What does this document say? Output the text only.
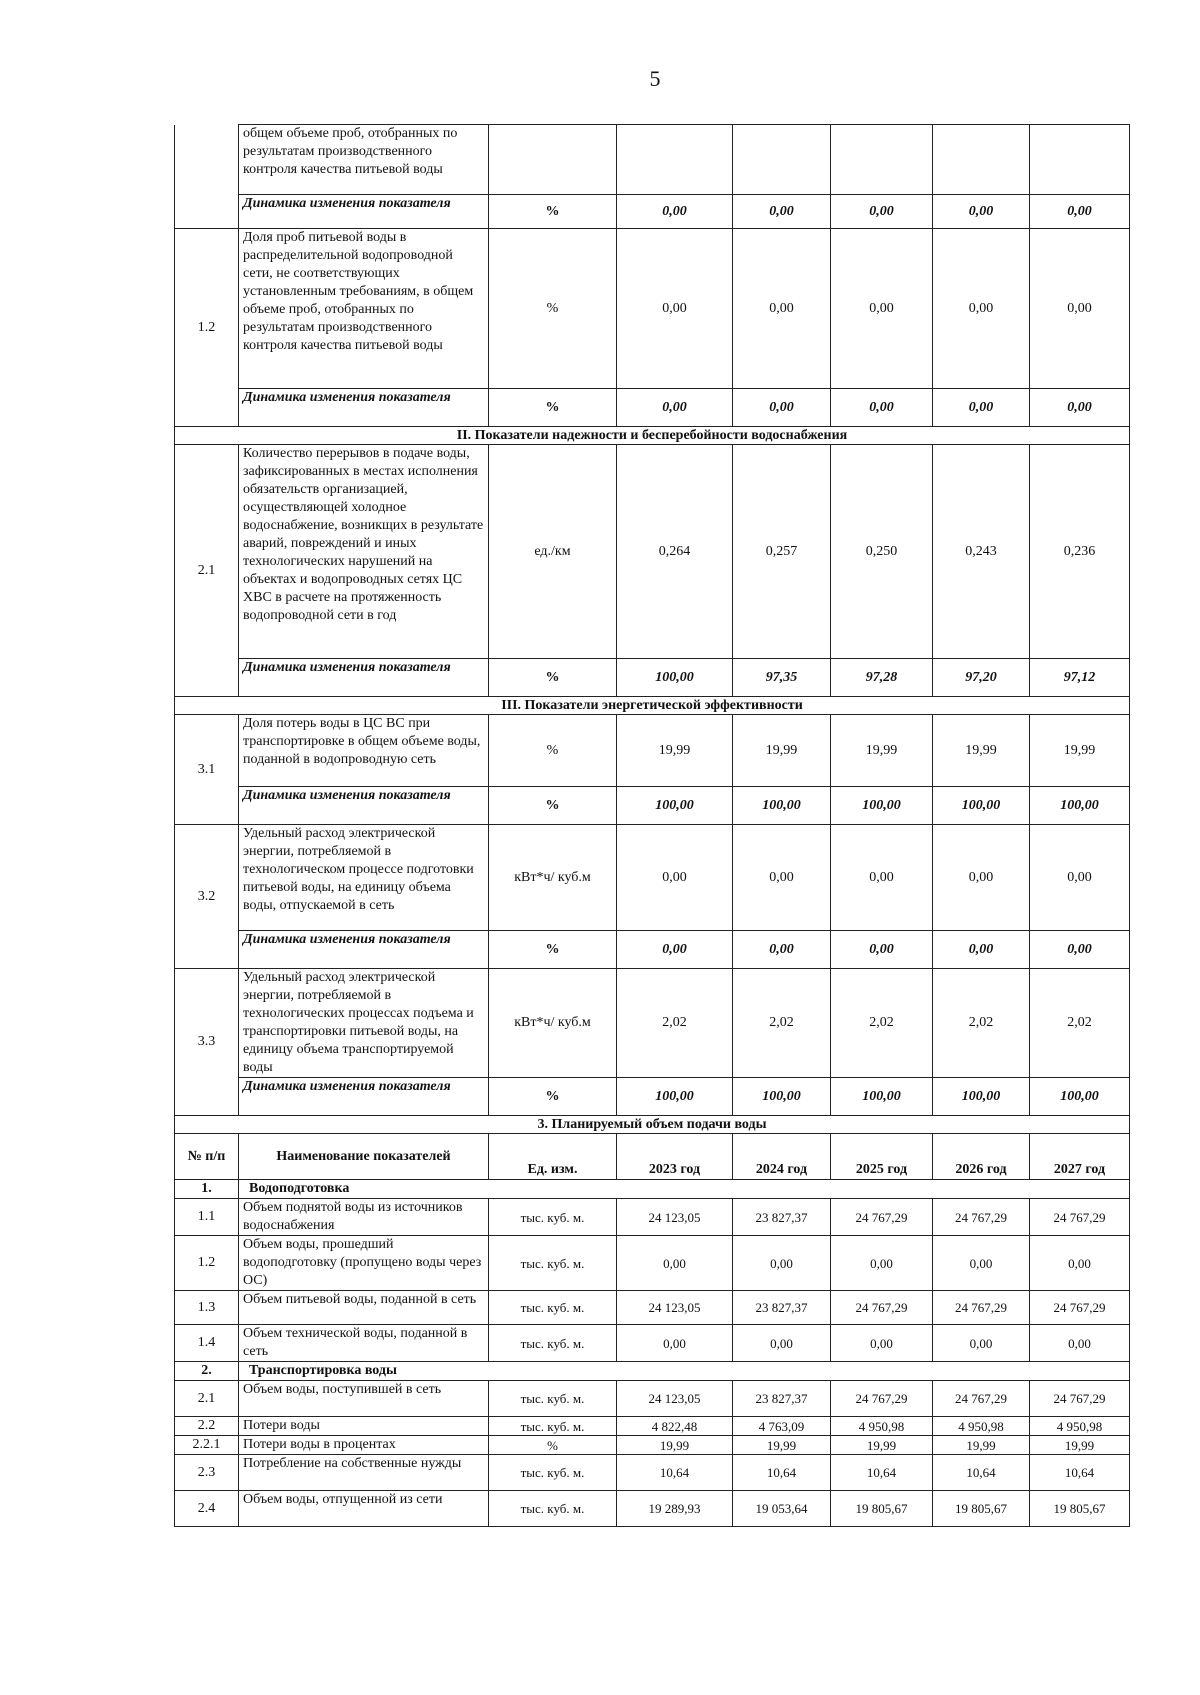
5
	общем объеме проб, отобранных по результатам производственного контроля качества питьевой воды						
	Динамика изменения показателя	%	0,00	0,00	0,00	0,00	0,00
1.2	Доля проб питьевой воды в распределительной водопроводной сети, не соответствующих установленным требованиям, в общем объеме проб, отобранных по результатам производственного контроля качества питьевой воды	%	0,00	0,00	0,00	0,00	0,00
	Динамика изменения показателя	%	0,00	0,00	0,00	0,00	0,00
II. Показатели надежности и бесперебойности водоснабжения							
2.1	Количество перерывов в подаче воды, зафиксированных в местах исполнения обязательств организацией, осуществляющей холодное водоснабжение, возникщих в результате аварий, повреждений и иных технологических нарушений на объектах и водопроводных сетях ЦС ХВС в расчете на протяженность водопроводной сети в год	ед./км	0,264	0,257	0,250	0,243	0,236
	Динамика изменения показателя	%	100,00	97,35	97,28	97,20	97,12
III. Показатели энергетической эффективности							
3.1	Доля потерь воды в ЦС ВС при транспортировке в общем объеме воды, поданной в водопроводную сеть	%	19,99	19,99	19,99	19,99	19,99
	Динамика изменения показателя	%	100,00	100,00	100,00	100,00	100,00
3.2	Удельный расход электрической энергии, потребляемой в технологическом процессе подготовки питьевой воды, на единицу объема воды, отпускаемой в сеть	кВт*ч/ куб.м	0,00	0,00	0,00	0,00	0,00
	Динамика изменения показателя	%	0,00	0,00	0,00	0,00	0,00
3.3	Удельный расход электрической энергии, потребляемой в технологических процессах подъема и транспортировки питьевой воды, на единицу объема транспортируемой воды	кВт*ч/ куб.м	2,02	2,02	2,02	2,02	2,02
	Динамика изменения показателя	%	100,00	100,00	100,00	100,00	100,00
3. Планируемый объем подачи воды							
№ п/п	Наименование показателей	Ед. изм.	2023 год	2024 год	2025 год	2026 год	2027 год
1.	Водоподготовка						
1.1	Объем поднятой воды из источников водоснабжения	тыс. куб. м.	24 123,05	23 827,37	24 767,29	24 767,29	24 767,29
1.2	Объем воды, прошедший водоподготовку (пропущено воды через ОС)	тыс. куб. м.	0,00	0,00	0,00	0,00	0,00
1.3	Объем питьевой воды, поданной в сеть	тыс. куб. м.	24 123,05	23 827,37	24 767,29	24 767,29	24 767,29
1.4	Объем технической воды, поданной в сеть	тыс. куб. м.	0,00	0,00	0,00	0,00	0,00
2.	Транспортировка воды						
2.1	Объем воды, поступившей в сеть	тыс. куб. м.	24 123,05	23 827,37	24 767,29	24 767,29	24 767,29
2.2	Потери воды	тыс. куб. м.	4 822,48	4 763,09	4 950,98	4 950,98	4 950,98
2.2.1	Потери воды в процентах	%	19,99	19,99	19,99	19,99	19,99
2.3	Потребление на собственные нужды	тыс. куб. м.	10,64	10,64	10,64	10,64	10,64
2.4	Объем воды, отпущенной из сети	тыс. куб. м.	19 289,93	19 053,64	19 805,67	19 805,67	19 805,67
